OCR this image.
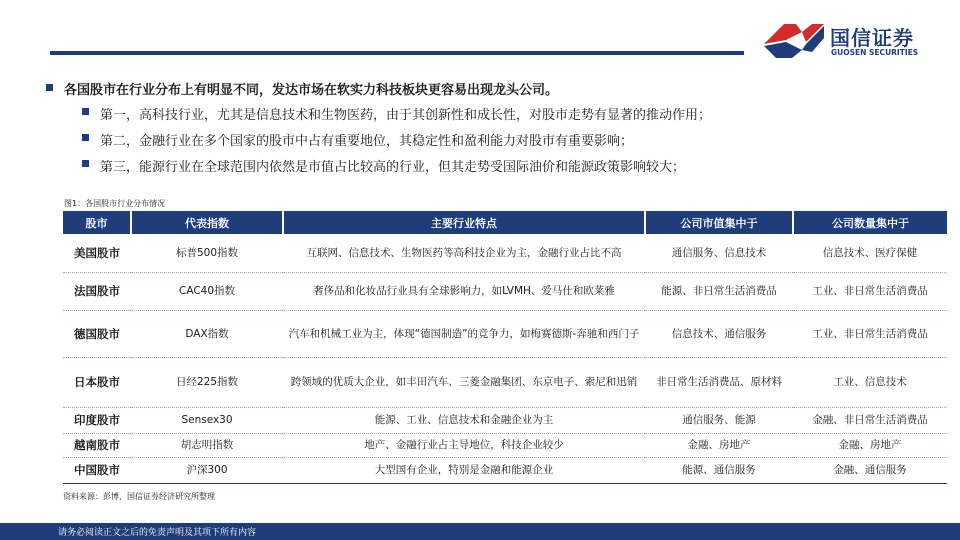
国信证券
GUOSEN SECURITIES
各国股市在行业分布上有明显不同，发达市场在软实力科技板块更容易出现龙头公司。
第一，高科技行业，尤其是信息技术和生物医药，由于其创新性和成长性，对股市走势有显著的推动作用；
第二，金融行业在多个国家的股市中占有重要地位，其稳定性和盈利能力对股市有重要影响；
第三，能源行业在全球范围内依然是市值占比较高的行业，但其走势受国际油价和能源政策影响较大；
图1：各国股市行业分布情况
股市	代表指数	主要行业特点	公司市值集中于	公司数量集中于
美国股市	标普500指数	互联网、信息技术、生物医药等高科技企业为主，金融行业占比不高	通信服务、信息技术	信息技术、医疗保健
法国股市	CAC40指数	奢侈品和化妆品行业具有全球影响力，如LVMH、爱马仕和欧莱雅	能源、非日常生活消费品	工业、非日常生活消费品
德国股市	DAX指数	汽车和机械工业为主，体现“德国制造”的竞争力，如梅赛德斯-奔驰和西门子	信息技术、通信服务	工业、非日常生活消费品
日本股市	日经225指数	跨领域的优质大企业，如丰田汽车、三菱金融集团、东京电子、索尼和迅销	非日常生活消费品、原材料	工业、信息技术
印度股市	Sensex30	能源、工业、信息技术和金融企业为主	通信服务、能源	金融、非日常生活消费品
越南股市	胡志明指数	地产、金融行业占主导地位，科技企业较少	金融、房地产	金融、房地产
中国股市	沪深300	大型国有企业，特别是金融和能源企业	能源、通信服务	金融、通信服务
资料来源：彭博，国信证券经济研究所整理
请务必阅读正文之后的免责声明及其项下所有内容
